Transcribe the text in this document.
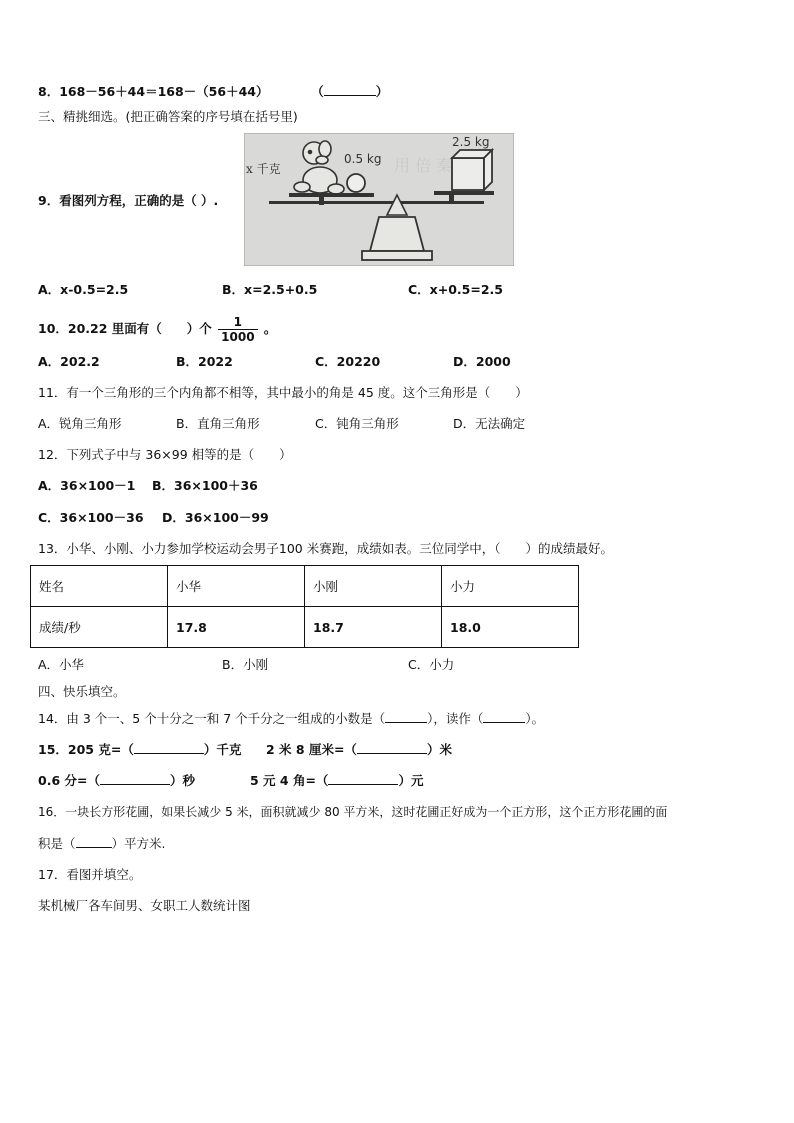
8．168－56＋44＝168－（56＋44）	（	）
三、精挑细选。(把正确答案的序号填在括号里)
用 倍 秦
x 千克
0.5 kg
2.5 kg
9．看图列方程，正确的是（ ）.
A．x-0.5=2.5	B．x=2.5+0.5	C．x+0.5=2.5
10．20.22 里面有（　　）个 $\frac{1}{1000}$ 。
A．202.2	B．2022	C．20220	D．2000
11．有一个三角形的三个内角都不相等，其中最小的角是 45 度。这个三角形是（　　）
A．锐角三角形	B．直角三角形	C．钝角三角形	D．无法确定
12．下列式子中与 36×99 相等的是（　　）
A．36×100－1 B．36×100＋36
C．36×100－36 D．36×100－99
13．小华、小刚、小力参加学校运动会男子100 米赛跑，成绩如表。三位同学中，（　　）的成绩最好。
姓名	小华	小刚	小力
成绩/秒	17.8	18.7	18.0
A．小华	B．小刚	C．小力
四、快乐填空。
14．由 3 个一、5 个十分之一和 7 个千分之一组成的小数是（	），读作（	）。
15．205 克=（	）千克 2 米 8 厘米=（	）米
0.6 分=（	）秒	5 元 4 角=（	）元
16．一块长方形花圃，如果长减少 5 米，面积就减少 80 平方米，这时花圃正好成为一个正方形，这个正方形花圃的面
积是（	）平方米.
17．看图并填空。
某机械厂各车间男、女职工人数统计图
